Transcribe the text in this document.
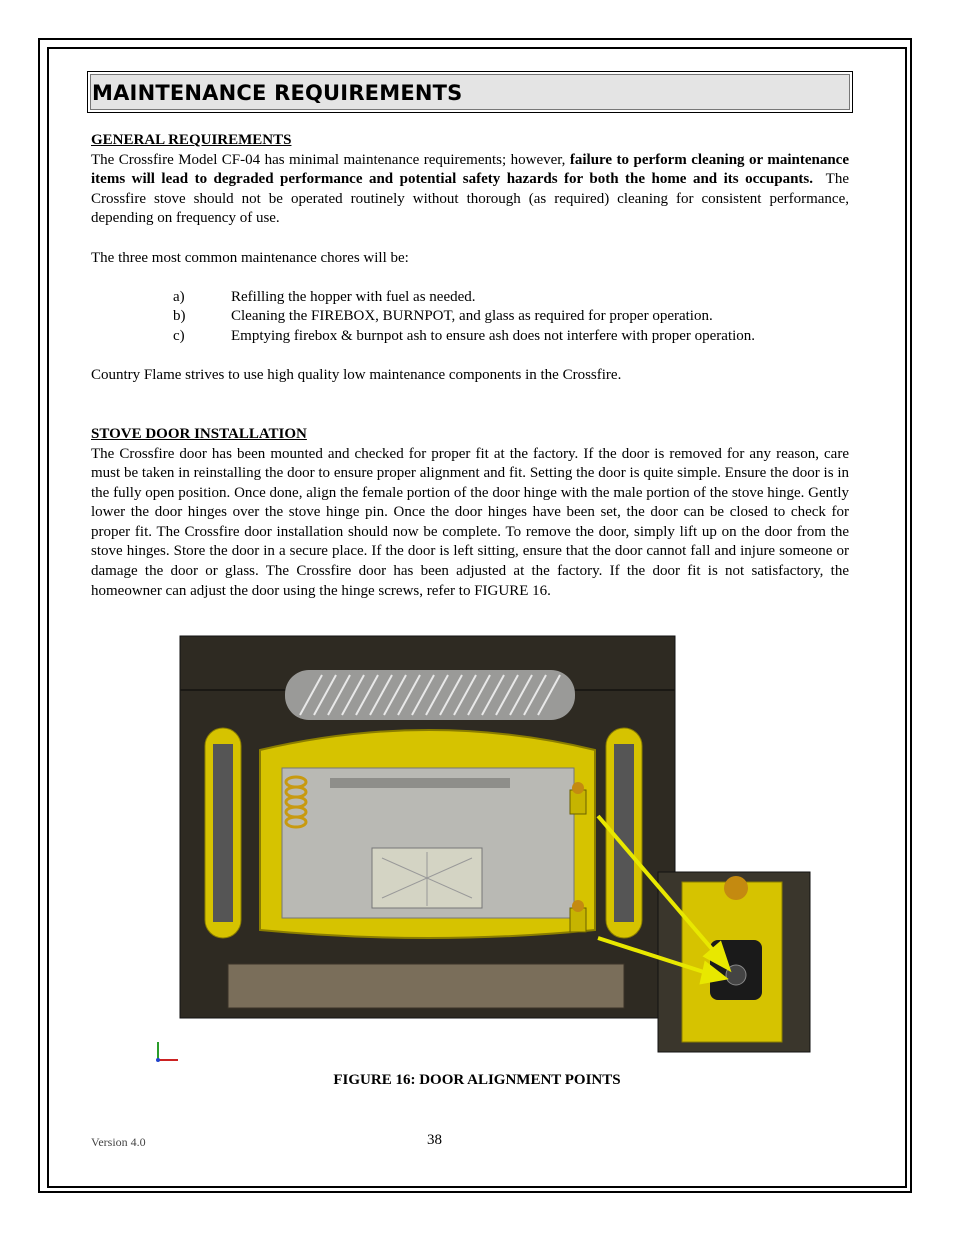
MAINTENANCE REQUIREMENTS
GENERAL REQUIREMENTS

The Crossfire Model CF-04 has minimal maintenance requirements; however, failure to perform cleaning or maintenance items will lead to degraded performance and potential safety hazards for both the home and its occupants. The Crossfire stove should not be operated routinely without thorough (as required) cleaning for consistent performance, depending on frequency of use.

The three most common maintenance chores will be:

a)	Refilling the hopper with fuel as needed.
b)	Cleaning the FIREBOX, BURNPOT, and glass as required for proper operation.
c)	Emptying firebox & burnpot ash to ensure ash does not interfere with proper operation.

Country Flame strives to use high quality low maintenance components in the Crossfire.

STOVE DOOR INSTALLATION

The Crossfire door has been mounted and checked for proper fit at the factory. If the door is removed for any reason, care must be taken in reinstalling the door to ensure proper alignment and fit. Setting the door is quite simple. Ensure the door is in the fully open position. Once done, align the female portion of the door hinge with the male portion of the stove hinge. Gently lower the door hinges over the stove hinge pin. Once the door hinges have been set, the door can be closed to check for proper fit. The Crossfire door installation should now be complete. To remove the door, simply lift up on the door from the stove hinges. Store the door in a secure place. If the door is left sitting, ensure that the door cannot fall and injure someone or damage the door or glass. The Crossfire door has been adjusted at the factory. If the door fit is not satisfactory, the homeowner can adjust the door using the hinge screws, refer to FIGURE 16.

FIGURE 16: DOOR ALIGNMENT POINTS
Version 4.0	38
